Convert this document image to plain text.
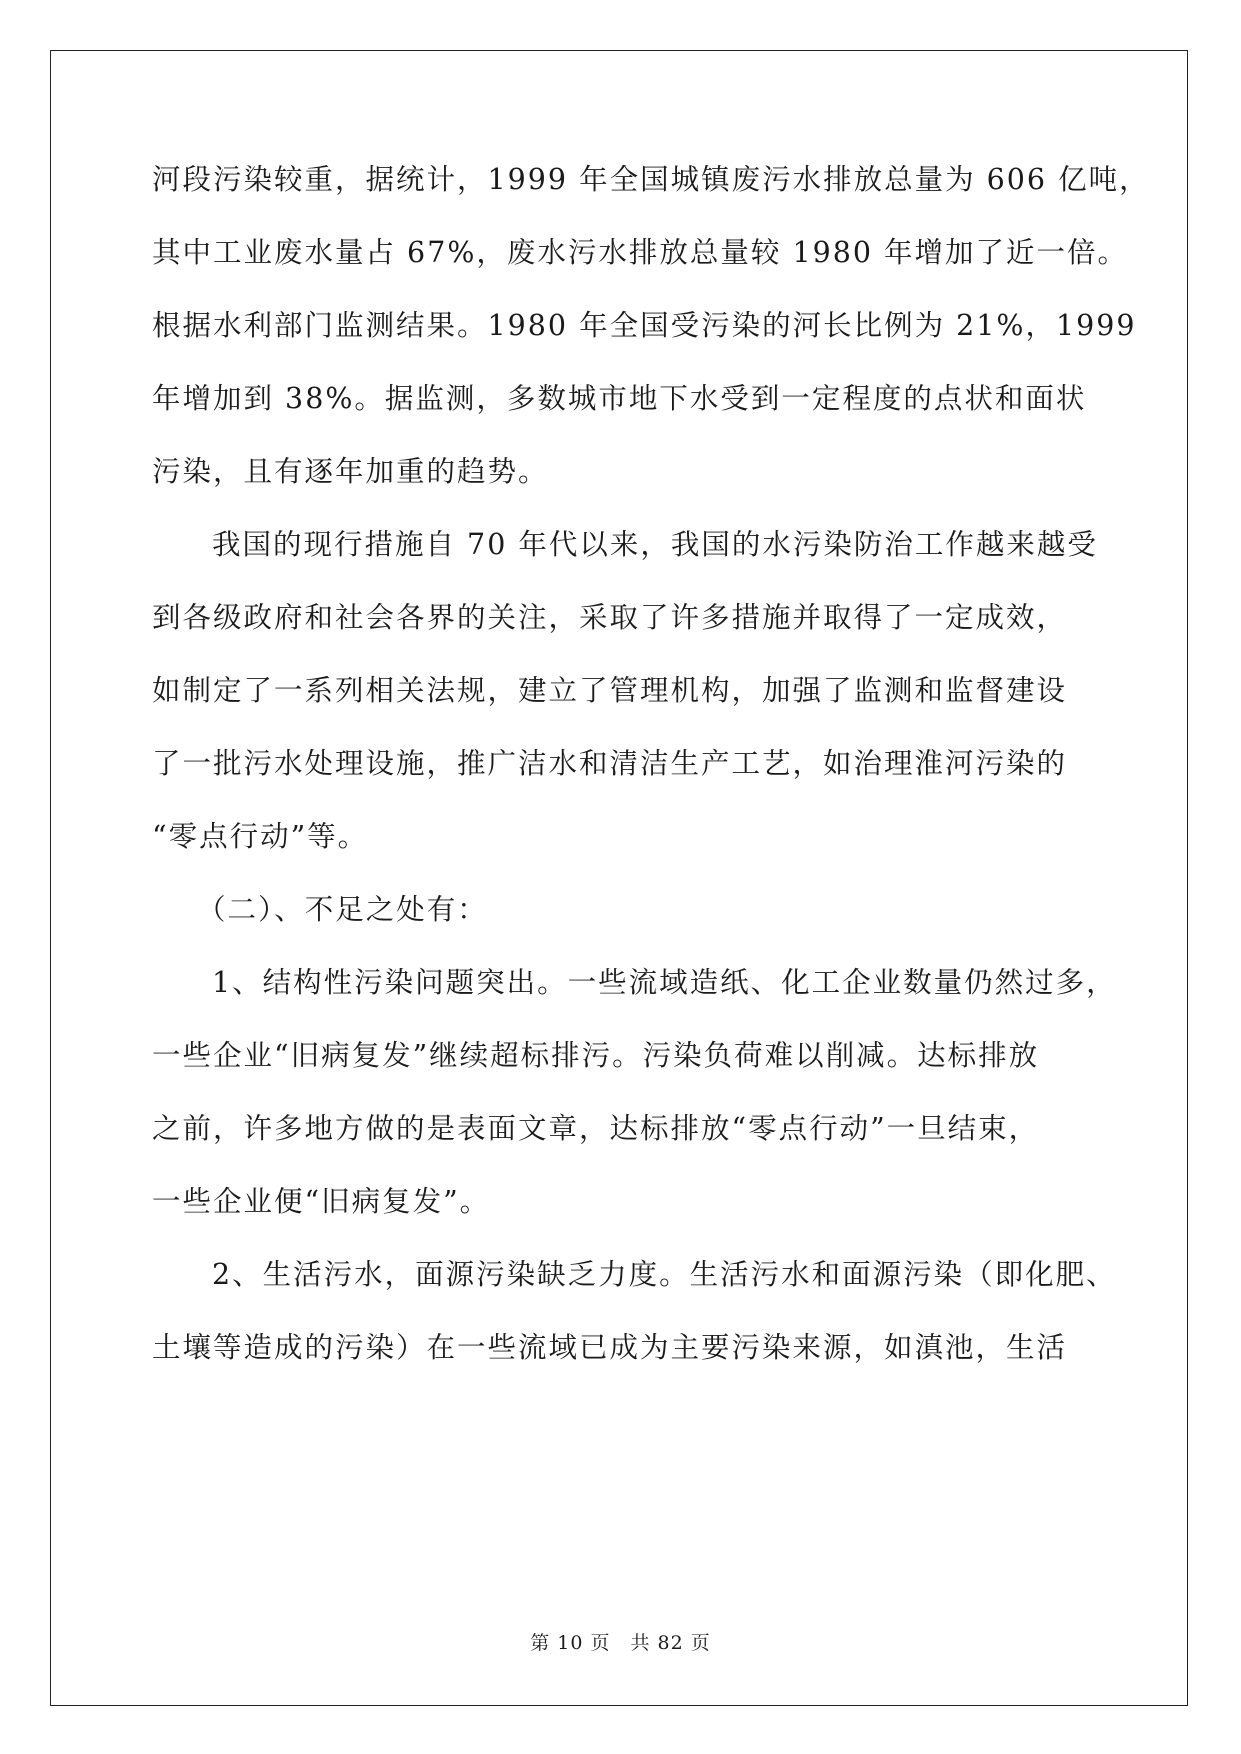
河段污染较重，据统计，1999 年全国城镇废污水排放总量为 606 亿吨，
其中工业废水量占 67%，废水污水排放总量较 1980 年增加了近一倍。
根据水利部门监测结果。1980 年全国受污染的河长比例为 21%，1999
年增加到 38%。据监测，多数城市地下水受到一定程度的点状和面状
污染，且有逐年加重的趋势。
我国的现行措施自 70 年代以来，我国的水污染防治工作越来越受
到各级政府和社会各界的关注，采取了许多措施并取得了一定成效，
如制定了一系列相关法规，建立了管理机构，加强了监测和监督建设
了一批污水处理设施，推广洁水和清洁生产工艺，如治理淮河污染的
“零点行动”等。
（二）、不足之处有：
1、结构性污染问题突出。一些流域造纸、化工企业数量仍然过多，
一些企业“旧病复发”继续超标排污。污染负荷难以削减。达标排放
之前，许多地方做的是表面文章，达标排放“零点行动”一旦结束，
一些企业便“旧病复发”。
2、生活污水，面源污染缺乏力度。生活污水和面源污染（即化肥、
土壤等造成的污染）在一些流域已成为主要污染来源，如滇池，生活
第 10 页　共 82 页
